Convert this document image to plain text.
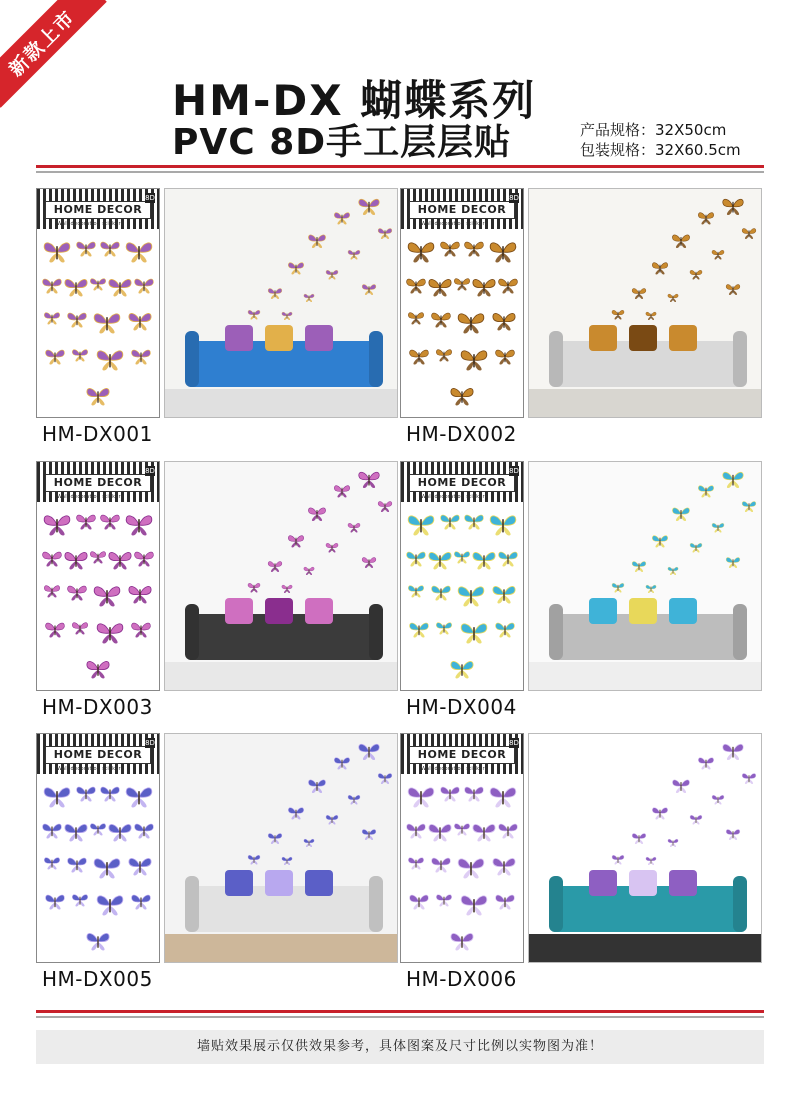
新款上市
HM-DX 蝴蝶系列
PVC 8D手工层层贴	产品规格：32X50cm
包装规格：32X60.5cm
HOME DECOR
8D
Wall decoration stickers
HM-DX001
HOME DECOR
8D
Wall decoration stickers
HM-DX002
HOME DECOR
8D
Wall decoration stickers
HM-DX003
HOME DECOR
8D
Wall decoration stickers
HM-DX004
HOME DECOR
8D
Wall decoration stickers
HM-DX005
HOME DECOR
8D
Wall decoration stickers
HM-DX006
墙贴效果展示仅供效果参考，具体图案及尺寸比例以实物图为准！
